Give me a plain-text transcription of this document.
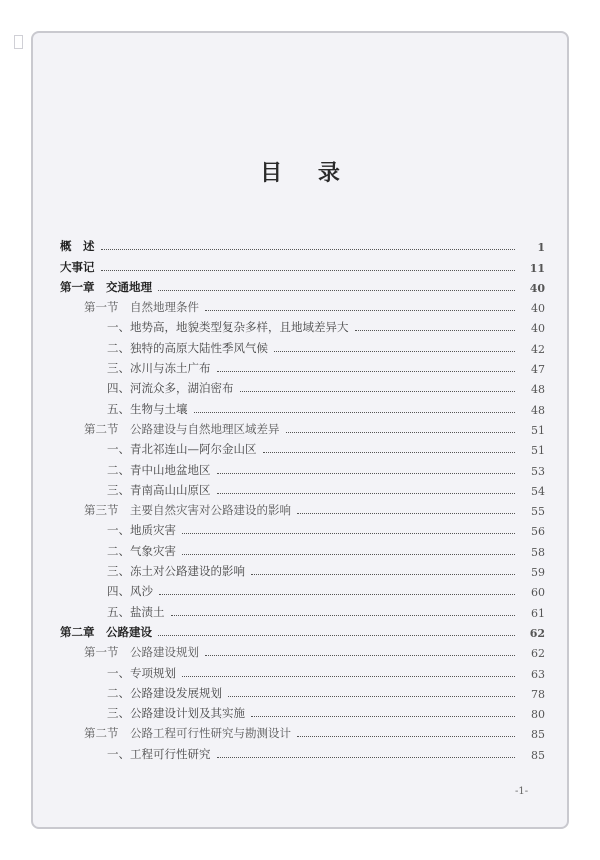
目 录
概　述	1
大事记	11
第一章　交通地理	40
第一节　自然地理条件	40
一、地势高，地貌类型复杂多样，且地域差异大	40
二、独特的高原大陆性季风气候	42
三、冰川与冻土广布	47
四、河流众多，湖泊密布	48
五、生物与土壤	48
第二节　公路建设与自然地理区域差异	51
一、青北祁连山—阿尔金山区	51
二、青中山地盆地区	53
三、青南高山山原区	54
第三节　主要自然灾害对公路建设的影响	55
一、地质灾害	56
二、气象灾害	58
三、冻土对公路建设的影响	59
四、风沙	60
五、盐渍土	61
第二章　公路建设	62
第一节　公路建设规划	62
一、专项规划	63
二、公路建设发展规划	78
三、公路建设计划及其实施	80
第二节　公路工程可行性研究与勘测设计	85
一、工程可行性研究	85
-1-
